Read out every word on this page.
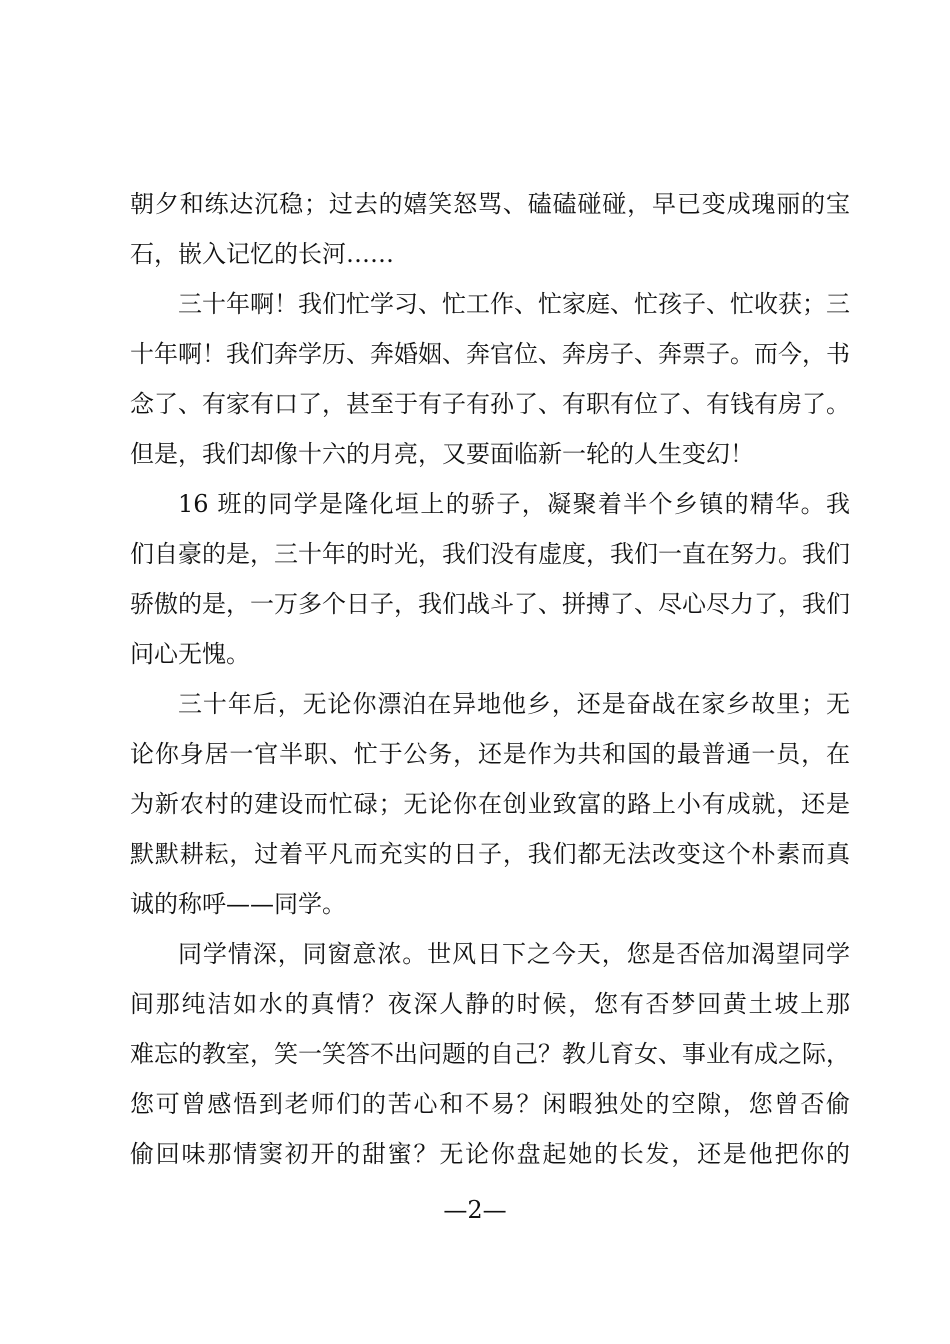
朝夕和练达沉稳；过去的嬉笑怒骂、磕磕碰碰，早已变成瑰丽的宝
石，嵌入记忆的长河……
三十年啊！我们忙学习、忙工作、忙家庭、忙孩子、忙收获；三
十年啊！我们奔学历、奔婚姻、奔官位、奔房子、奔票子。而今，书
念了、有家有口了，甚至于有子有孙了、有职有位了、有钱有房了。
但是，我们却像十六的月亮，又要面临新一轮的人生变幻！
16 班的同学是隆化垣上的骄子，凝聚着半个乡镇的精华。我
们自豪的是，三十年的时光，我们没有虚度，我们一直在努力。我们
骄傲的是，一万多个日子，我们战斗了、拼搏了、尽心尽力了，我们
问心无愧。
三十年后，无论你漂泊在异地他乡，还是奋战在家乡故里；无
论你身居一官半职、忙于公务，还是作为共和国的最普通一员，在
为新农村的建设而忙碌；无论你在创业致富的路上小有成就，还是
默默耕耘，过着平凡而充实的日子，我们都无法改变这个朴素而真
诚的称呼——同学。
同学情深，同窗意浓。世风日下之今天，您是否倍加渴望同学
间那纯洁如水的真情？夜深人静的时候，您有否梦回黄土坡上那
难忘的教室，笑一笑答不出问题的自己？教儿育女、事业有成之际，
您可曾感悟到老师们的苦心和不易？闲暇独处的空隙，您曾否偷
偷回味那情窦初开的甜蜜？无论你盘起她的长发，还是他把你的
—2—
